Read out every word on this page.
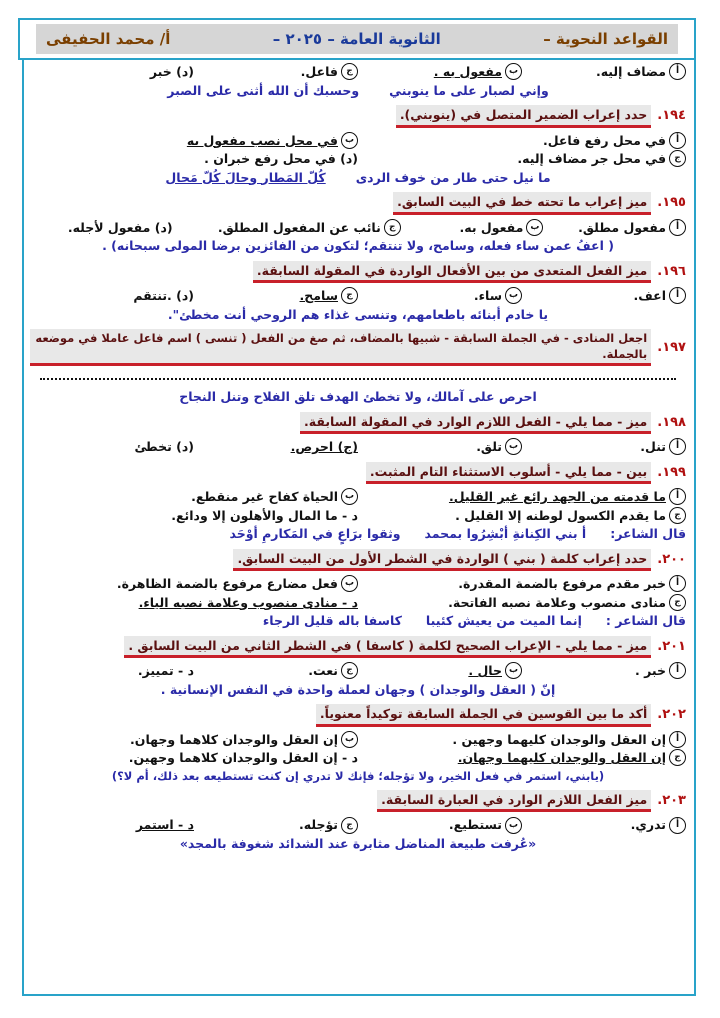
القواعد النحوية –
الثانوية العامة – ٢٠٢٥ –
أ/ محمد الحفيفى
أ
مضاف إليه.
ب
مفعول به .
ج
فاعل.
(د) خبر
وإني لصبار على ما ينوبني
وحسبك أن الله أثنى على الصبر
١٩٤.
حدد إعراب الضمير المتصل في (ينوبني).
أ
في محل رفع فاعل.
ب
في محل نصب مفعول به
ج
في محل جر مضاف إليه.
(د) في محل رفع خبران .
ما نيل حتى طار من خوف الردى
كُلّ المَطار وجالَ كُلّ مَجال
١٩٥.
ميز إعراب ما تحته خط في البيت السابق.
أ
مفعول مطلق.
ب
مفعول به.
ج
نائب عن المفعول المطلق.
(د) مفعول لأجله.
( اعفُ عمن ساء فعله، وسامح، ولا تنتقم؛ لتكون من الفائزين برضا المولى سبحانه) .
١٩٦.
ميز الفعل المتعدى من بين الأفعال الواردة في المقولة السابقة.
أ
اعف.
ب
ساء.
ج
سامح.
(د) .تنتقم
يا خادم أبنائه باطعامهم، وتنسى غذاء هم الروحي أنت مخطئ".
١٩٧.
اجعل المنادى - في الجملة السابقة - شبيها بالمضاف، ثم صغ من الفعل ( تنسى ) اسم فاعل عاملا في موضعه بالجملة.
احرص على آمالك، ولا تخطئ الهدف تلق الفلاح وتنل النجاح
١٩٨.
ميز - مما يلي - الفعل اللازم الوارد في المقولة السابقة.
أ
تنل.
ب
تلق.
(ج) احرص.
(د) تخطئ
١٩٩.
بين - مما يلي - أسلوب الاستثناء التام المثبت.
أ
ما قدمته من الجهد رائع غير القليل.
ب
الحياة كفاح غير منقطع.
ج
ما يقدم الكسول لوطنه إلا القليل .
د - ما المال والأهلون إلا ودائع.
قال الشاعر:
أ بني الكِنانةِ أبْشِرُوا بمحمد
وثقوا برَاعٍ في المَكارمِ أوْحَد
٢٠٠.
حدد إعراب كلمة ( بني ) الواردة في الشطر الأول من البيت السابق.
أ
خبر مقدم مرفوع بالضمة المقدرة.
ب
فعل مضارع مرفوع بالضمة الظاهرة.
ج
منادى منصوب وعلامة نصبه الفاتحة.
د - منادى منصوب وعلامة نصبه الياء.
قال الشاعر :
إنما الميت من يعيش كئيبا
كاسفا باله قليل الرجاء
٢٠١.
ميز - مما يلي - الإعراب الصحيح لكلمة ( كاسفا ) في الشطر الثاني من البيت السابق .
أ
خبر .
ب
حال .
ج
نعت.
د - تمييز.
إنّ ( العقل والوجدان ) وجهان لعملة واحدة في النفس الإنسانية .
٢٠٢.
أكد ما بين القوسين في الجملة السابقة توكيداً معنوياً.
أ
إن العقل والوجدان كليهما وجهين .
ب
إن العقل والوجدان كلاهما وجهان.
ج
إن العقل والوجدان كليهما وجهان.
د - إن العقل والوجدان كلاهما وجهين.
(يابني، استمر في فعل الخير، ولا تؤجله؛ فإنك لا تدري إن كنت تستطيعه بعد ذلك، أم لا؟)
٢٠٣.
ميز الفعل اللازم الوارد في العبارة السابقة.
أ
تدري.
ب
تستطيع.
ج
تؤجله.
د - استمر
«عُرفت طبيعة المناضل مثابرة عند الشدائد شغوفة بالمجد»
